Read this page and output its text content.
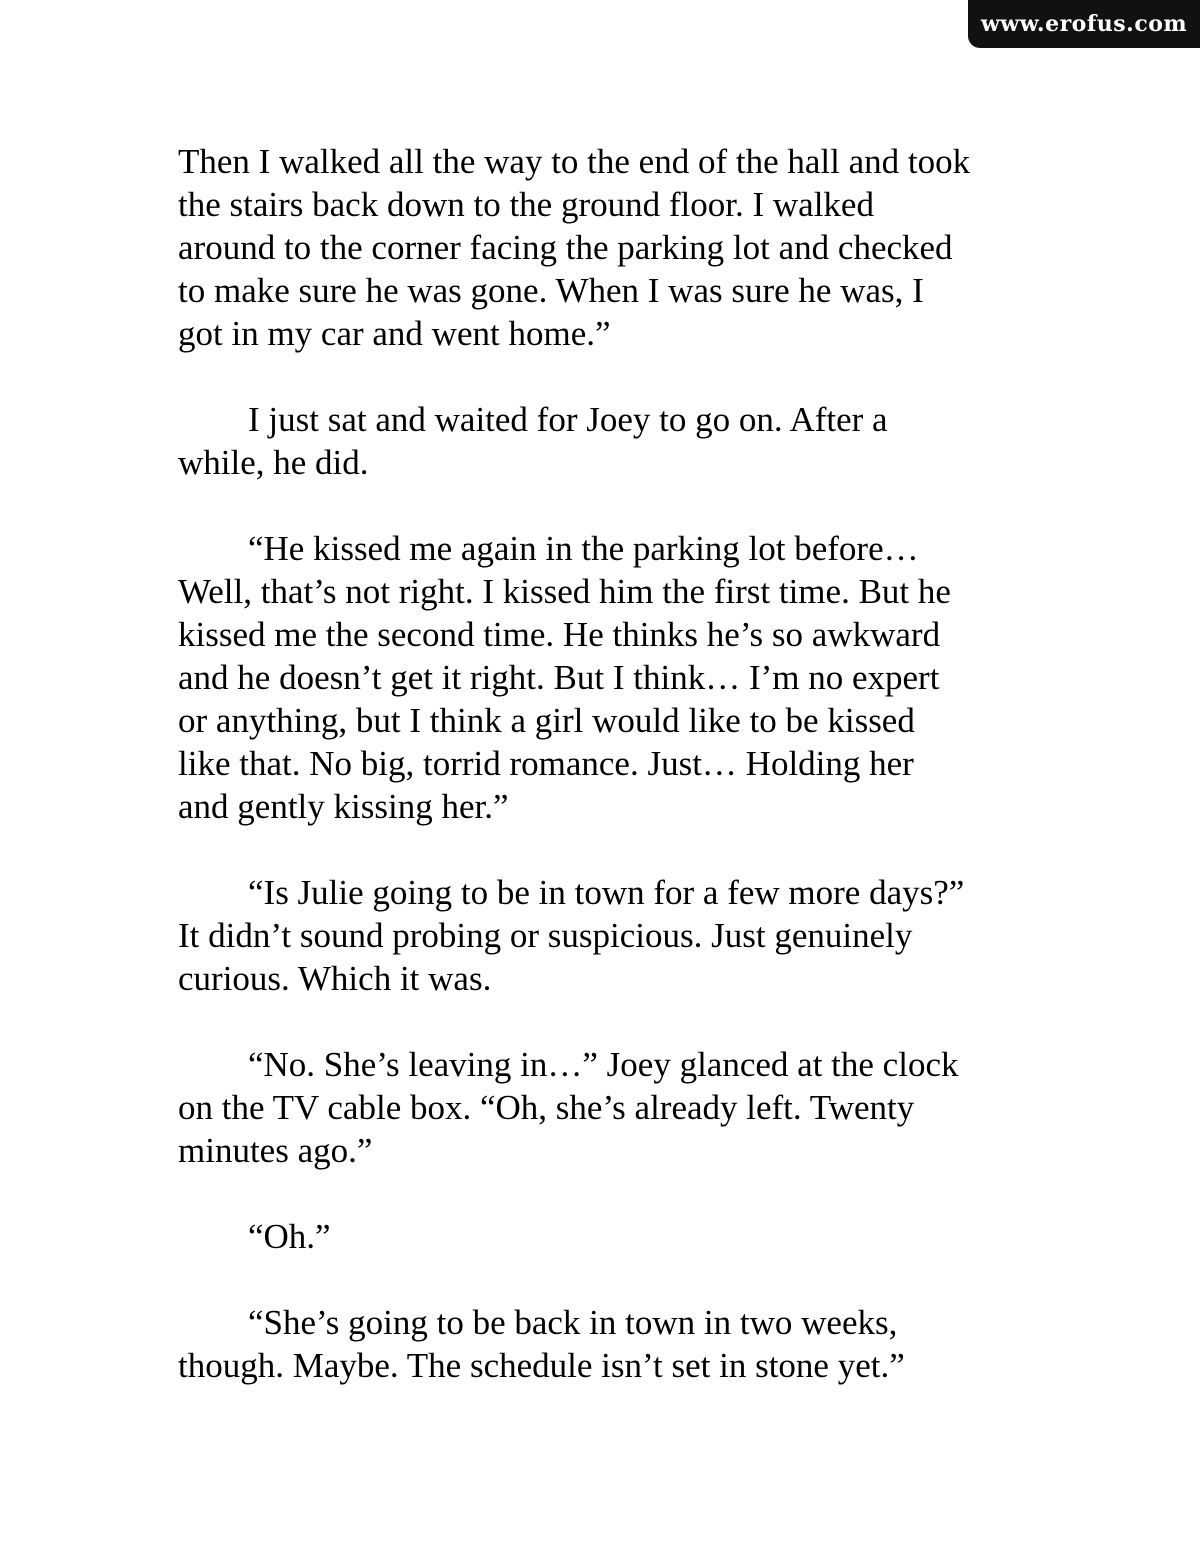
www.erofus.com

Then I walked all the way to the end of the hall and took
the stairs back down to the ground floor. I walked
around to the corner facing the parking lot and checked
to make sure he was gone. When I was sure he was, I
got in my car and went home.”

I just sat and waited for Joey to go on. After a
while, he did.

“He kissed me again in the parking lot before…
Well, that’s not right. I kissed him the first time. But he
kissed me the second time. He thinks he’s so awkward
and he doesn’t get it right. But I think… I’m no expert
or anything, but I think a girl would like to be kissed
like that. No big, torrid romance. Just… Holding her
and gently kissing her.”

“Is Julie going to be in town for a few more days?”
It didn’t sound probing or suspicious. Just genuinely
curious. Which it was.

“No. She’s leaving in…” Joey glanced at the clock
on the TV cable box. “Oh, she’s already left. Twenty
minutes ago.”

“Oh.”

“She’s going to be back in town in two weeks,
though. Maybe. The schedule isn’t set in stone yet.”
